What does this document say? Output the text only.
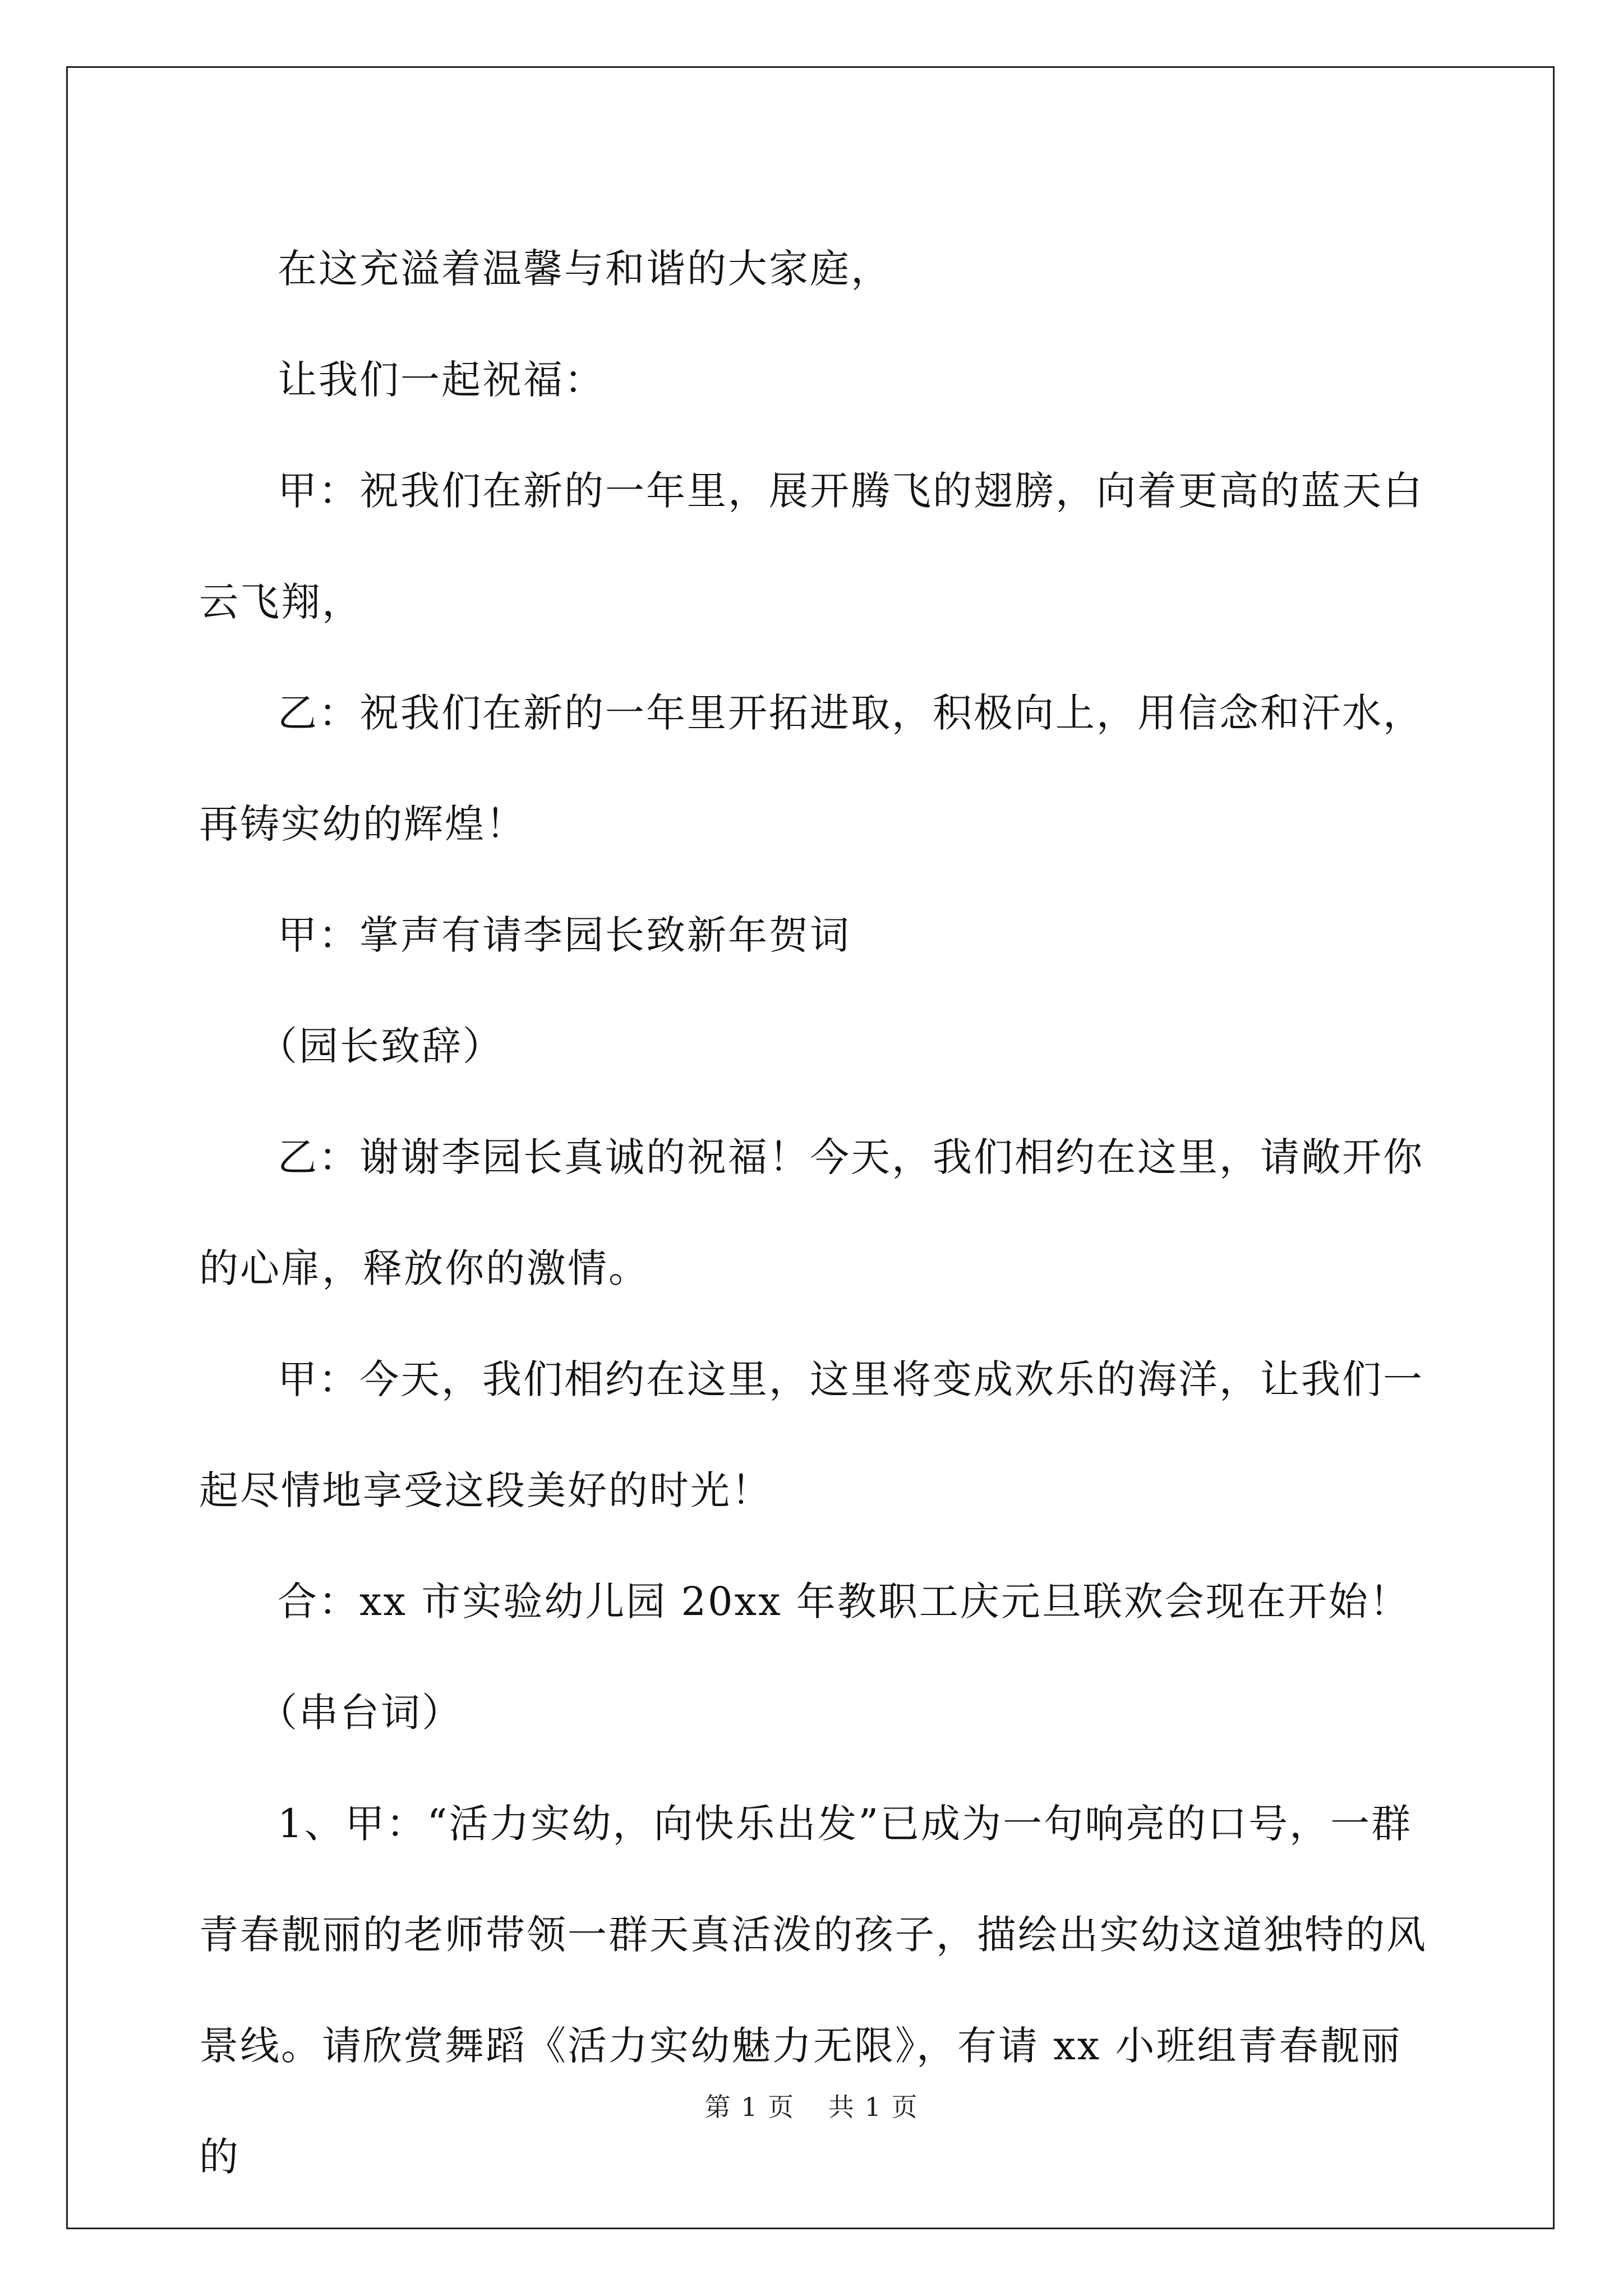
在这充溢着温馨与和谐的大家庭，

让我们一起祝福：

甲：祝我们在新的一年里，展开腾飞的翅膀，向着更高的蓝天白云飞翔，

乙：祝我们在新的一年里开拓进取，积极向上，用信念和汗水，再铸实幼的辉煌！

甲：掌声有请李园长致新年贺词

（园长致辞）

乙：谢谢李园长真诚的祝福！今天，我们相约在这里，请敞开你的心扉，释放你的激情。

甲：今天，我们相约在这里，这里将变成欢乐的海洋，让我们一起尽情地享受这段美好的时光！

合：xx 市实验幼儿园 20xx 年教职工庆元旦联欢会现在开始！

（串台词）

1、甲：“活力实幼，向快乐出发”已成为一句响亮的口号，一群青春靓丽的老师带领一群天真活泼的孩子，描绘出实幼这道独特的风景线。请欣赏舞蹈《活力实幼魅力无限》，有请 xx 小班组青春靓丽的

第 1 页 共 1 页
